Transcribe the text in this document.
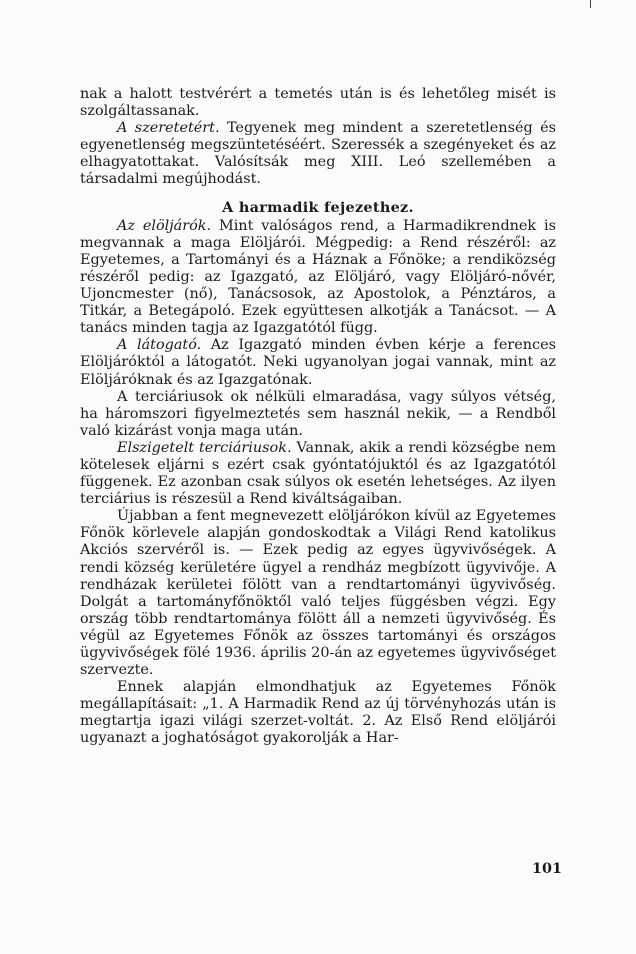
nak a halott testvérért a temetés után is és lehetőleg misét is szolgáltassanak.

A szeretetért. Tegyenek meg mindent a szeretetlenség és egyenetlenség megszüntetéséért. Szeressék a szegényeket és az elhagyatottakat. Valósítsák meg XIII. Leó szellemében a társadalmi megújhodást.

A harmadik fejezethez.

Az elöljárók. Mint valóságos rend, a Harmadikrendnek is megvannak a maga Elöljárói. Mégpedig: a Rend részéről: az Egyetemes, a Tartományi és a Háznak a Főnöke; a rendiközség részéről pedig: az Igazgató, az Elöljáró, vagy Elöljáró-nővér, Ujoncmester (nő), Tanácsosok, az Apostolok, a Pénztáros, a Titkár, a Betegápoló. Ezek együttesen alkotják a Tanácsot. — A tanács minden tagja az Igazgatótól függ.

A látogató. Az Igazgató minden évben kérje a ferences Elöljáróktól a látogatót. Neki ugyanolyan jogai vannak, mint az Elöljáróknak és az Igazgatónak.

A terciáriusok ok nélküli elmaradása, vagy súlyos vétség, ha háromszori figyelmeztetés sem használ nekik, — a Rendből való kizárást vonja maga után.

Elszigetelt terciáriusok. Vannak, akik a rendi községbe nem kötelesek eljárni s ezért csak gyóntatójuktól és az Igazgatótól függenek. Ez azonban csak súlyos ok esetén lehetséges. Az ilyen terciárius is részesül a Rend kiváltságaiban.

Újabban a fent megnevezett elöljárókon kívül az Egyetemes Főnök körlevele alapján gondoskodtak a Világi Rend katolikus Akciós szervéről is. — Ezek pedig az egyes ügyvivőségek. A rendi község kerületére ügyel a rendház megbízott ügyvivője. A rendházak kerületei fölött van a rendtartományi ügyvivőség. Dolgát a tartományfőnöktől való teljes függésben végzi. Egy ország több rendtartománya fölött áll a nemzeti ügyvivőség. És végül az Egyetemes Főnök az összes tartományi és országos ügyvivőségek fölé 1936. április 20-án az egyetemes ügyvivőséget szervezte.

Ennek alapján elmondhatjuk az Egyetemes Főnök megállapításait: „1. A Harmadik Rend az új törvényhozás után is megtartja igazi világi szerzet-voltát. 2. Az Első Rend elöljárói ugyanazt a joghatóságot gyakorolják a Har-

101
